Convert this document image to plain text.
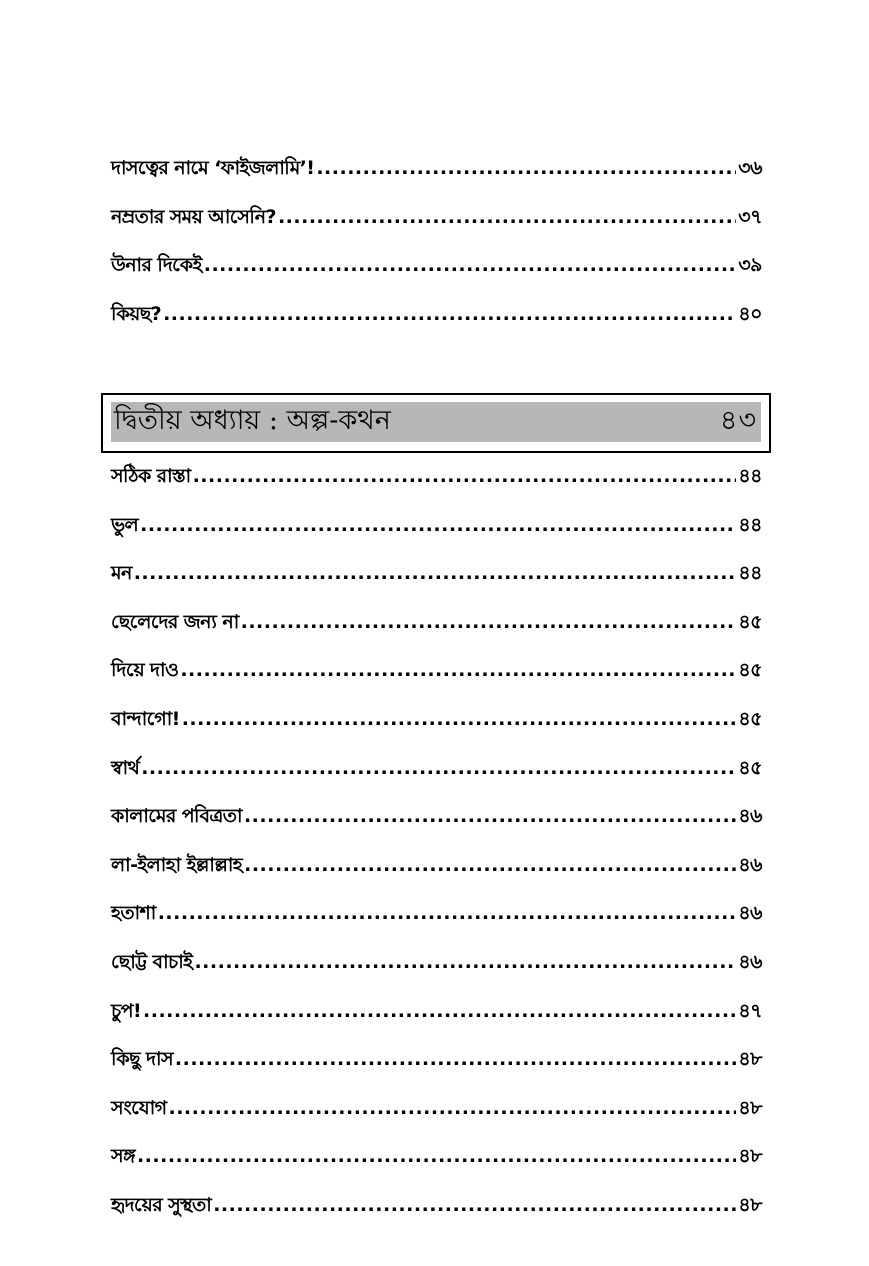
দাসত্বের নামে ‘ফাইজলামি’! .....	৩৬
নম্রতার সময় আসেনি? .....	৩৭
উনার দিকেই .....	৩৯
কিয়ছ? .....	৪০
দ্বিতীয় অধ্যায় : অল্প-কথন	৪৩
সঠিক রাস্তা .....	৪৪
ভুল .....	৪৪
মন .....	৪৪
ছেলেদের জন্য না .....	৪৫
দিয়ে দাও .....	৪৫
বান্দাগো! .....	৪৫
স্বার্থ .....	৪৫
কালামের পবিত্রতা .....	৪৬
লা-ইলাহা ইল্লাল্লাহ .....	৪৬
হতাশা .....	৪৬
ছোট্ট বাচাই .....	৪৬
চুপ! .....	৪৭
কিছু দাস .....	৪৮
সংযোগ .....	৪৮
সঙ্গ .....	৪৮
হৃদয়ের সুস্থতা .....	৪৮
